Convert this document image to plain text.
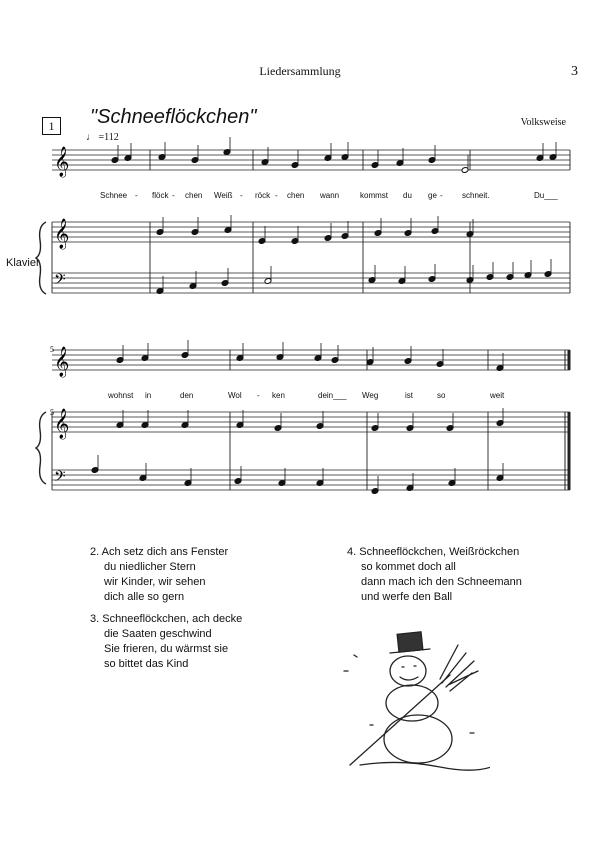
Liedersammlung	3
1	"Schneeflöckchen"	Volksweise
♩ =112
Klavier
𝄞
𝄞
𝄢
𝄞
𝄞
𝄢
5
5
Schnee - flöck - chen Weiß - röck - chen wann	kommst du ge - schneit.	Du___
wohnst in	den	Wol - ken	dein___ Weg	ist	so	weit
2. Ach setz dich ans Fenster
du niedlicher Stern
wir Kinder, wir sehen
dich alle so gern
3. Schneeflöckchen, ach decke
die Saaten geschwind
Sie frieren, du wärmst sie
so bittet das Kind
4. Schneeflöckchen, Weißröckchen
so kommet doch all
dann mach ich den Schneemann
und werfe den Ball
